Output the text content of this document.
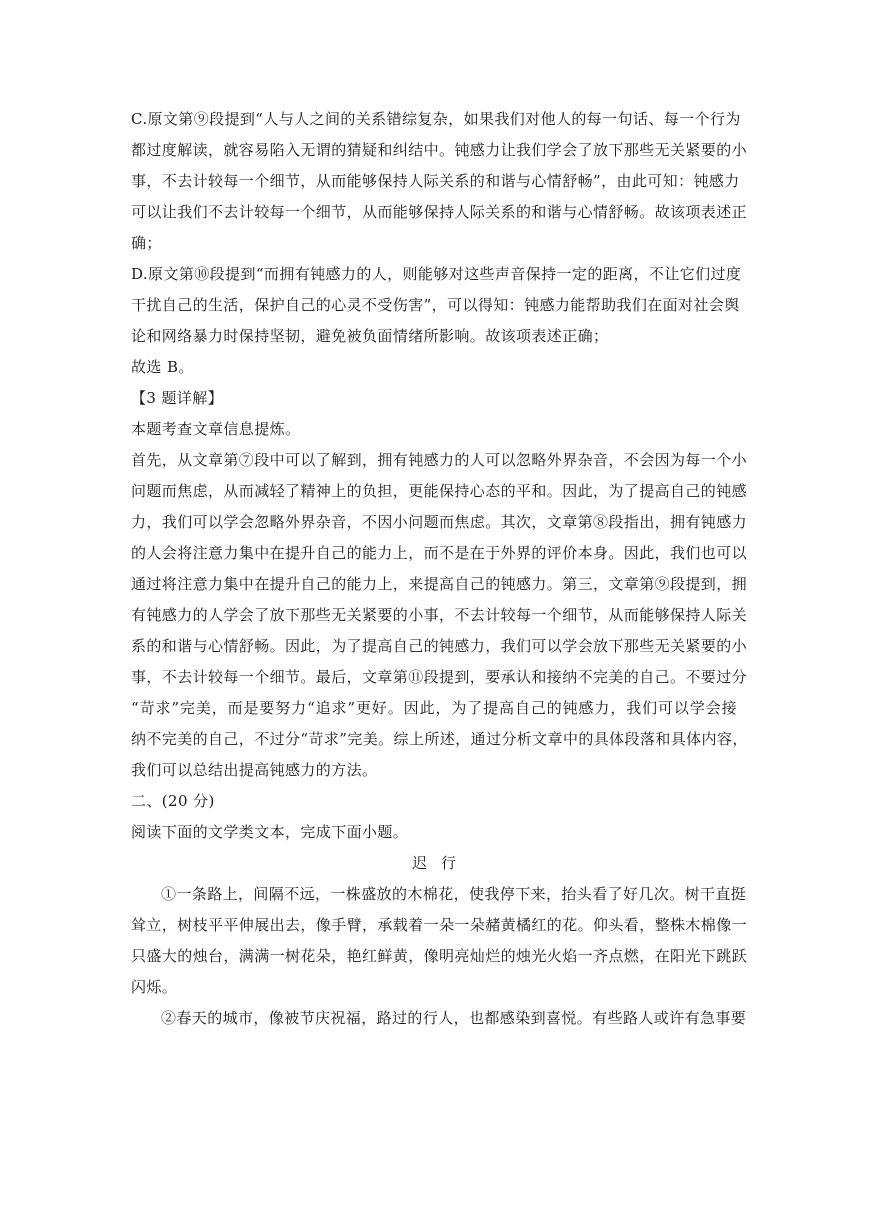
C.原文第⑨段提到“人与人之间的关系错综复杂，如果我们对他人的每一句话、每一个行为
都过度解读，就容易陷入无谓的猜疑和纠结中。钝感力让我们学会了放下那些无关紧要的小
事，不去计较每一个细节，从而能够保持人际关系的和谐与心情舒畅”，由此可知：钝感力
可以让我们不去计较每一个细节，从而能够保持人际关系的和谐与心情舒畅。故该项表述正
确；
D.原文第⑩段提到“而拥有钝感力的人，则能够对这些声音保持一定的距离，不让它们过度
干扰自己的生活，保护自己的心灵不受伤害”，可以得知：钝感力能帮助我们在面对社会舆
论和网络暴力时保持坚韧，避免被负面情绪所影响。故该项表述正确；
故选 B。
【3 题详解】
本题考查文章信息提炼。
首先，从文章第⑦段中可以了解到，拥有钝感力的人可以忽略外界杂音，不会因为每一个小
问题而焦虑，从而减轻了精神上的负担，更能保持心态的平和。因此，为了提高自己的钝感
力，我们可以学会忽略外界杂音，不因小问题而焦虑。其次，文章第⑧段指出，拥有钝感力
的人会将注意力集中在提升自己的能力上，而不是在于外界的评价本身。因此，我们也可以
通过将注意力集中在提升自己的能力上，来提高自己的钝感力。第三，文章第⑨段提到，拥
有钝感力的人学会了放下那些无关紧要的小事，不去计较每一个细节，从而能够保持人际关
系的和谐与心情舒畅。因此，为了提高自己的钝感力，我们可以学会放下那些无关紧要的小
事，不去计较每一个细节。最后，文章第⑪段提到，要承认和接纳不完美的自己。不要过分
“苛求”完美，而是要努力“追求”更好。因此，为了提高自己的钝感力，我们可以学会接
纳不完美的自己，不过分“苛求”完美。综上所述，通过分析文章中的具体段落和具体内容，
我们可以总结出提高钝感力的方法。
二、(20 分)
阅读下面的文学类文本，完成下面小题。
迟行
①一条路上，间隔不远，一株盛放的木棉花，使我停下来，抬头看了好几次。树干直挺
耸立，树枝平平伸展出去，像手臂，承载着一朵一朵赭黄橘红的花。仰头看，整株木棉像一
只盛大的烛台，满满一树花朵，艳红鲜黄，像明亮灿烂的烛光火焰一齐点燃，在阳光下跳跃
闪烁。
②春天的城市，像被节庆祝福，路过的行人，也都感染到喜悦。有些路人或许有急事要
